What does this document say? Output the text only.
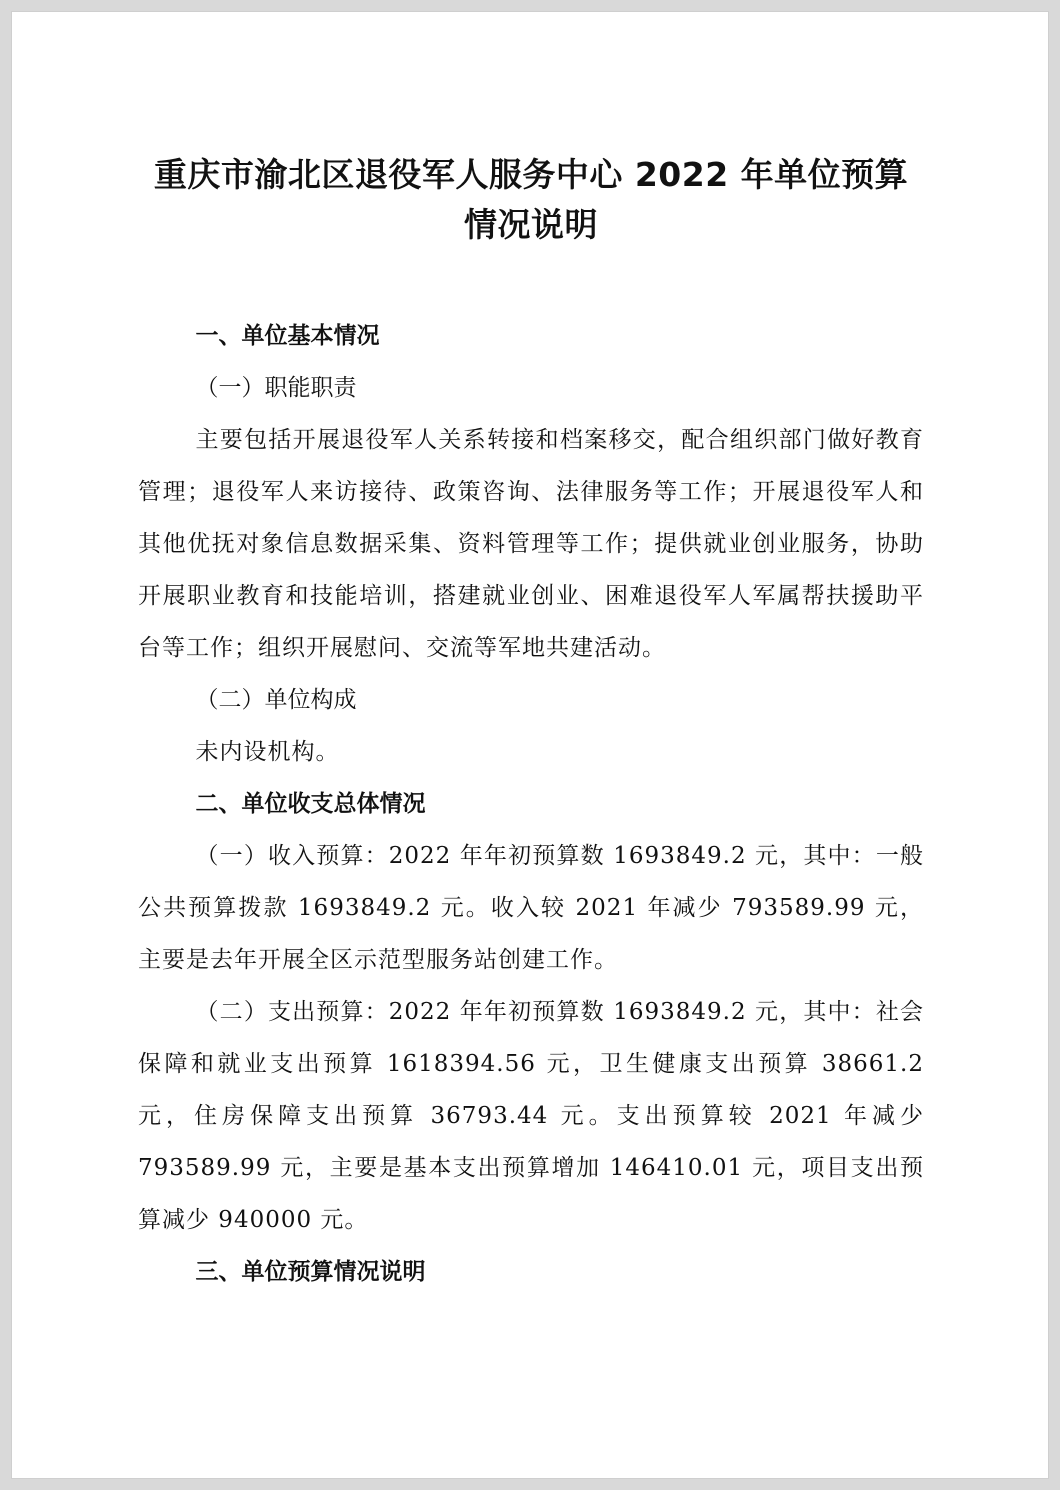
重庆市渝北区退役军人服务中心 2022 年单位预算情况说明

一、单位基本情况

（一）职能职责

主要包括开展退役军人关系转接和档案移交，配合组织部门做好教育管理；退役军人来访接待、政策咨询、法律服务等工作；开展退役军人和其他优抚对象信息数据采集、资料管理等工作；提供就业创业服务，协助开展职业教育和技能培训，搭建就业创业、困难退役军人军属帮扶援助平台等工作；组织开展慰问、交流等军地共建活动。

（二）单位构成

未内设机构。

二、单位收支总体情况

（一）收入预算：2022 年年初预算数 1693849.2 元，其中：一般公共预算拨款 1693849.2 元。收入较 2021 年减少 793589.99 元，主要是去年开展全区示范型服务站创建工作。

（二）支出预算：2022 年年初预算数 1693849.2 元，其中：社会保障和就业支出预算 1618394.56 元，卫生健康支出预算 38661.2 元，住房保障支出预算 36793.44 元。支出预算较 2021 年减少 793589.99 元，主要是基本支出预算增加 146410.01 元，项目支出预算减少 940000 元。

三、单位预算情况说明
